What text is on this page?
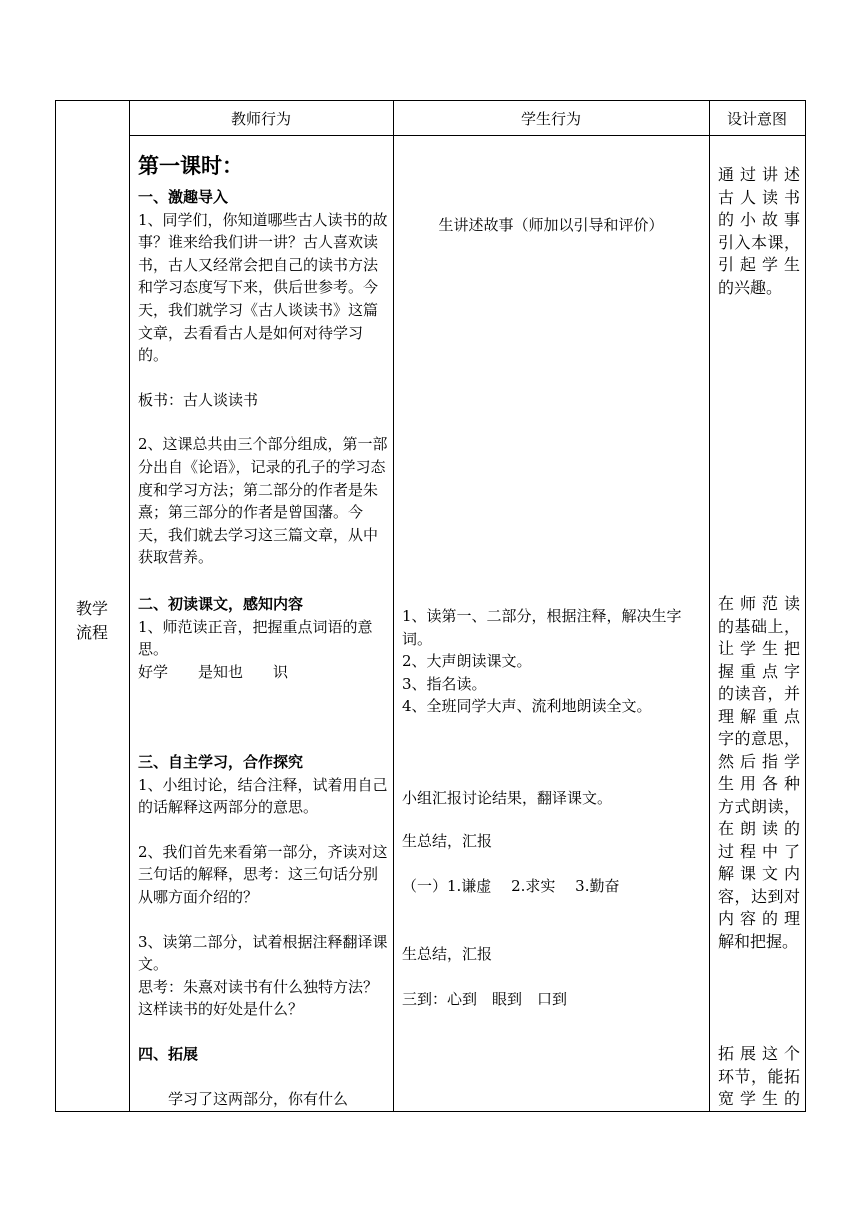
教师行为	学生行为	设计意图

教学

流程

第一课时：

一、激趣导入

1、同学们，你知道哪些古人读书的故事？谁来给我们讲一讲？古人喜欢读书，古人又经常会把自己的读书方法和学习态度写下来，供后世参考。今天，我们就学习《古人谈读书》这篇文章，去看看古人是如何对待学习的。

板书：古人谈读书

2、这课总共由三个部分组成，第一部分出自《论语》，记录的孔子的学习态度和学习方法；第二部分的作者是朱熹；第三部分的作者是曾国藩。今天，我们就去学习这三篇文章，从中获取营养。

二、初读课文，感知内容

1、师范读正音，把握重点词语的意思。

好学　　是知也　　识

三、自主学习，合作探究

1、小组讨论，结合注释，试着用自己的话解释这两部分的意思。

2、我们首先来看第一部分，齐读对这三句话的解释，思考：这三句话分别从哪方面介绍的？

3、读第二部分，试着根据注释翻译课文。

思考：朱熹对读书有什么独特方法？这样读书的好处是什么？

四、拓展

学习了这两部分，你有什么

生讲述故事（师加以引导和评价）

1、读第一、二部分，根据注释，解决生字词。

2、大声朗读课文。

3、指名读。

4、全班同学大声、流利地朗读全文。

小组汇报讨论结果，翻译课文。
生总结，汇报
（一）1.谦虚　 2.求实　 3.勤奋
生总结，汇报
三到：心到　眼到　口到

通过讲述

古人读书

的小故事

引入本课，

引起学生

的兴趣。

在师范读

的基础上，

让学生把

握重点字

的读音，并

理解重点

字的意思，

然后指学

生用各种

方式朗读，

在朗读的

过程中了

解课文内

容，达到对

内容的理

解和把握。

拓展这个

环节，能拓

宽学生的
